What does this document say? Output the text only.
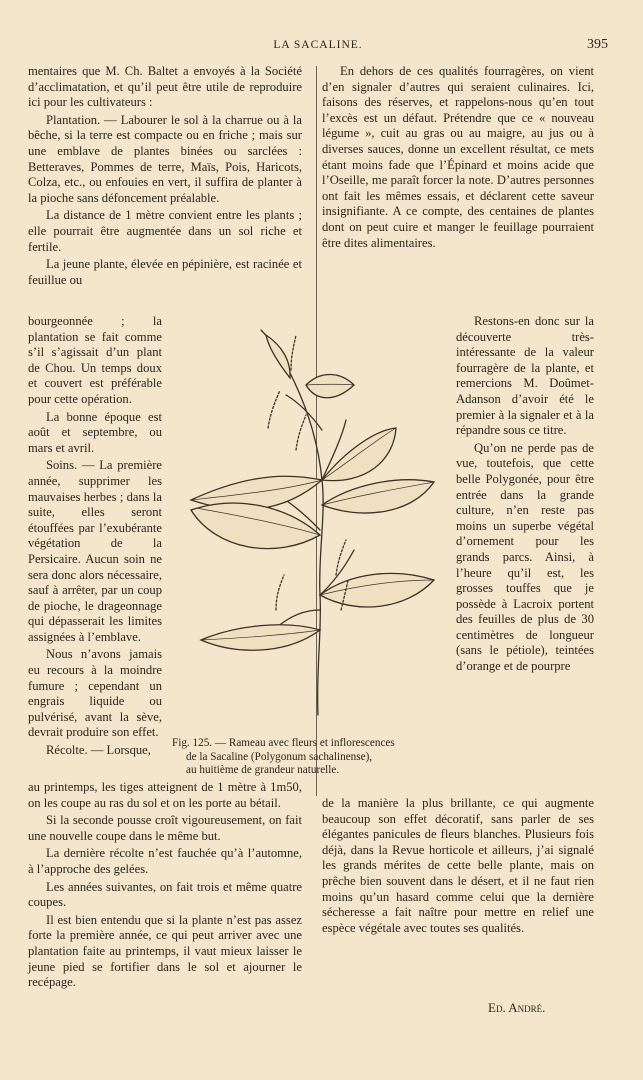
LA SACALINE.	395

mentaires que M. Ch. Baltet a envoyés à la Société d’acclimatation, et qu’il peut être utile de reproduire ici pour les cultivateurs :

Plantation. — Labourer le sol à la charrue ou à la bêche, si la terre est compacte ou en friche ; mais sur une emblave de plantes binées ou sarclées : Betteraves, Pommes de terre, Maïs, Pois, Haricots, Colza, etc., ou enfouies en vert, il suffira de planter à la pioche sans défoncement préalable.

La distance de 1 mètre convient entre les plants ; elle pourrait être augmentée dans un sol riche et fertile.

La jeune plante, élevée en pépinière, est racinée et feuillue ou

bourgeonnée ; la plantation se fait comme s’il s’agissait d’un plant de Chou. Un temps doux et couvert est préférable pour cette opération.

La bonne époque est août et septembre, ou mars et avril.

Soins. — La première année, supprimer les mauvaises herbes ; dans la suite, elles seront étouffées par l’exubérante végétation de la Persicaire. Aucun soin ne sera donc alors nécessaire, sauf à arrêter, par un coup de pioche, le drageonnage qui dépasserait les limites assignées à l’emblave.

Nous n’avons jamais eu recours à la moindre fumure ; cependant un engrais liquide ou pulvérisé, avant la sève, devrait produire son effet.

Récolte. — Lorsque,

au printemps, les tiges atteignent de 1 mètre à 1m50, on les coupe au ras du sol et on les porte au bétail.

Si la seconde pousse croît vigoureusement, on fait une nouvelle coupe dans le même but.

La dernière récolte n’est fauchée qu’à l’automne, à l’approche des gelées.

Les années suivantes, on fait trois et même quatre coupes.

Il est bien entendu que si la plante n’est pas assez forte la première année, ce qui peut arriver avec une plantation faite au printemps, il vaut mieux laisser le jeune pied se fortifier dans le sol et ajourner le recépage.

En dehors de ces qualités fourragères, on vient d’en signaler d’autres qui seraient culinaires. Ici, faisons des réserves, et rappelons-nous qu’en tout l’excès est un défaut. Prétendre que ce « nouveau légume », cuit au gras ou au maigre, au jus ou à diverses sauces, donne un excellent résultat, ce mets étant moins fade que l’Épinard et moins acide que l’Oseille, me paraît forcer la note. D’autres personnes ont fait les mêmes essais, et déclarent cette saveur insignifiante. A ce compte, des centaines de plantes dont on peut cuire et manger le feuillage pourraient être dites alimentaires.

Restons-en donc sur la découverte très-intéressante de la valeur fourragère de la plante, et remercions M. Doûmet-Adanson d’avoir été le premier à la signaler et à la répandre sous ce titre.

Qu’on ne perde pas de vue, toutefois, que cette belle Polygonée, pour être entrée dans la grande culture, n’en reste pas moins un superbe végétal d’ornement pour les grands parcs. Ainsi, à l’heure qu’il est, les grosses touffes que je possède à Lacroix portent des feuilles de plus de 30 centimètres de longueur (sans le pétiole), teintées d’orange et de pourpre

de la manière la plus brillante, ce qui augmente beaucoup son effet décoratif, sans parler de ses élégantes panicules de fleurs blanches. Plusieurs fois déjà, dans la Revue horticole et ailleurs, j’ai signalé les grands mérites de cette belle plante, mais on prêche bien souvent dans le désert, et il ne faut rien moins qu’un hasard comme celui que la dernière sécheresse a fait naître pour mettre en relief une espèce végétale avec toutes ses qualités.

Ed. André.

Fig. 125. — Rameau avec fleurs et inflorescences

de la Sacaline (Polygonum sachalinense),

au huitième de grandeur naturelle.
